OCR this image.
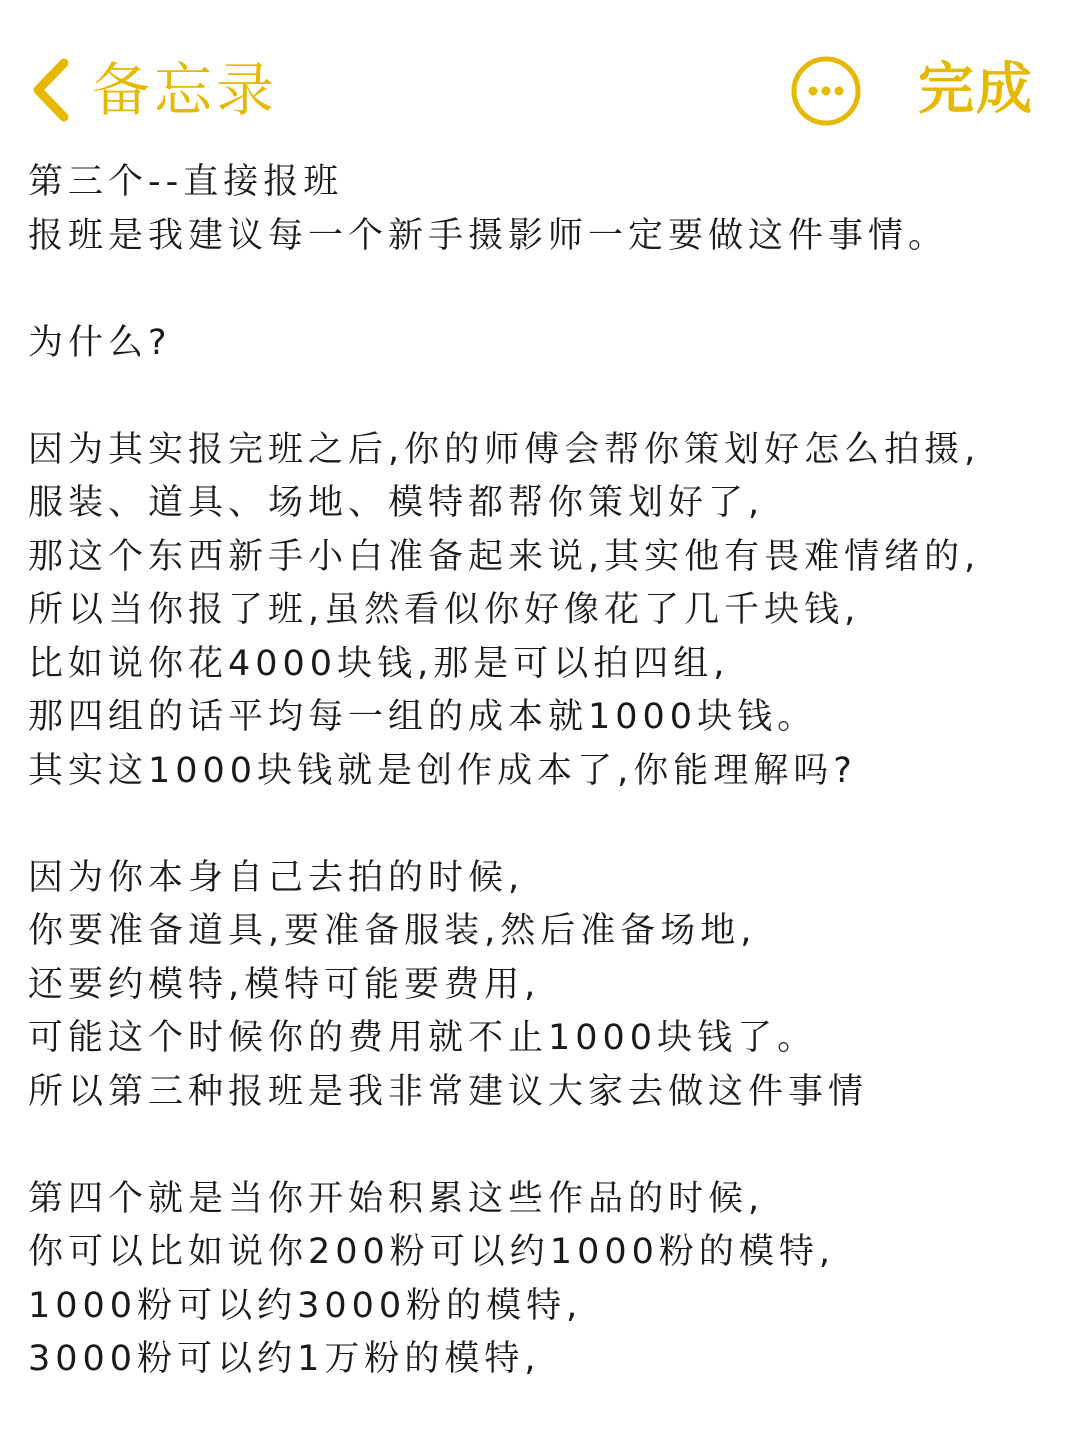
备忘录	完成
第三个--直接报班
报班是我建议每一个新手摄影师一定要做这件事情。
为什么?
因为其实报完班之后,你的师傅会帮你策划好怎么拍摄,
服装、道具、场地、模特都帮你策划好了,
那这个东西新手小白准备起来说,其实他有畏难情绪的,
所以当你报了班,虽然看似你好像花了几千块钱,
比如说你花4000块钱,那是可以拍四组,
那四组的话平均每一组的成本就1000块钱。
其实这1000块钱就是创作成本了,你能理解吗?
因为你本身自己去拍的时候,
你要准备道具,要准备服装,然后准备场地,
还要约模特,模特可能要费用,
可能这个时候你的费用就不止1000块钱了。
所以第三种报班是我非常建议大家去做这件事情
第四个就是当你开始积累这些作品的时候,
你可以比如说你200粉可以约1000粉的模特,
1000粉可以约3000粉的模特,
3000粉可以约1万粉的模特,
